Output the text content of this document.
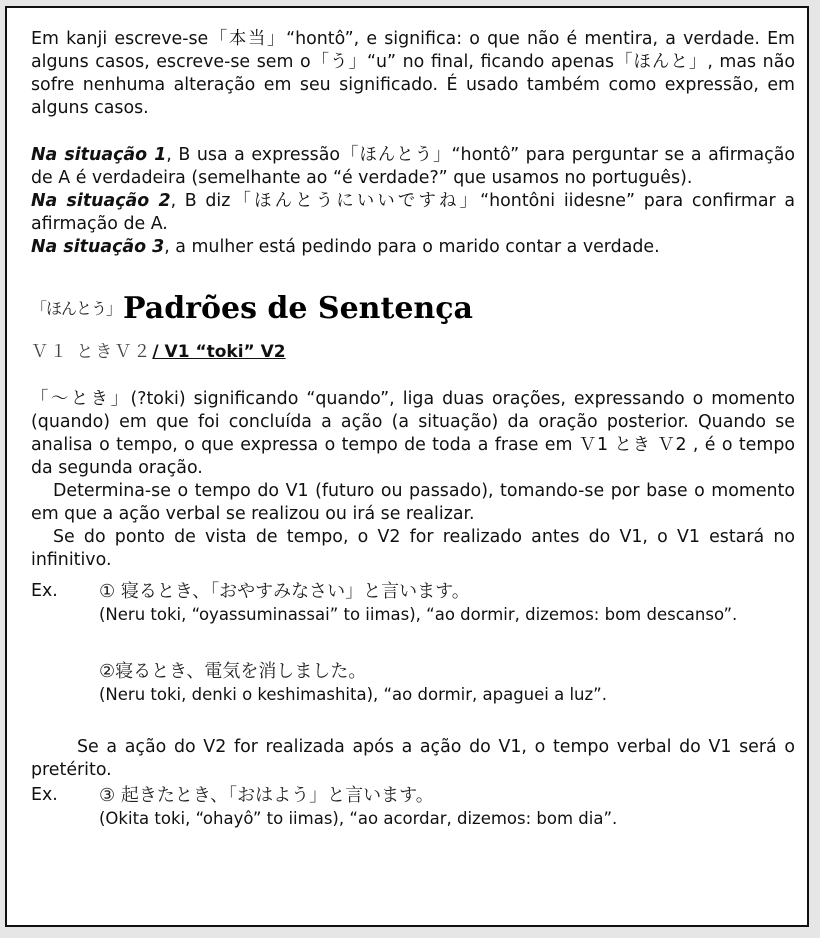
Em kanji escreve-se「本当」“hontô”, e significa: o que não é mentira, a verdade. Em alguns casos, escreve-se sem o「う」“u” no final, ficando apenas「ほんと」, mas não sofre nenhuma alteração em seu significado. É usado também como expressão, em alguns casos.

Na situação 1, B usa a expressão「ほんとう」“hontô” para perguntar se a afirmação de A é verdadeira (semelhante ao “é verdade?” que usamos no português).

Na situação 2, B diz「ほんとうにいいですね」“hontôni iidesne” para confirmar a afirmação de A.

Na situação 3, a mulher está pedindo para o marido contar a verdade.

「ほんとう」 Padrões de Sentença
Ｖ１ ときＶ２ / V1 “toki” V2

「～とき」(?toki) significando “quando”, liga duas orações, expressando o momento (quando) em que foi concluída a ação (a situação) da oração posterior. Quando se analisa o tempo, o que expressa o tempo de toda a frase em Ｖ1 とき Ｖ2 , é o tempo da segunda oração.

Determina-se o tempo do V1 (futuro ou passado), tomando-se por base o momento em que a ação verbal se realizou ou irá se realizar.

Se do ponto de vista de tempo, o V2 for realizado antes do V1, o V1 estará no infinitivo.

Ex.	① 寝るとき、「おやすみなさい」と言います。
(Neru toki, “oyassuminassai” to iimas), “ao dormir, dizemos: bom descanso”.
②寝るとき、電気を消しました。
(Neru toki, denki o keshimashita), “ao dormir, apaguei a luz”.

Se a ação do V2 for realizada após a ação do V1, o tempo verbal do V1 será o pretérito.

Ex.	③ 起きたとき、「おはよう」と言います。
(Okita toki, “ohayô” to iimas), “ao acordar, dizemos: bom dia”.
